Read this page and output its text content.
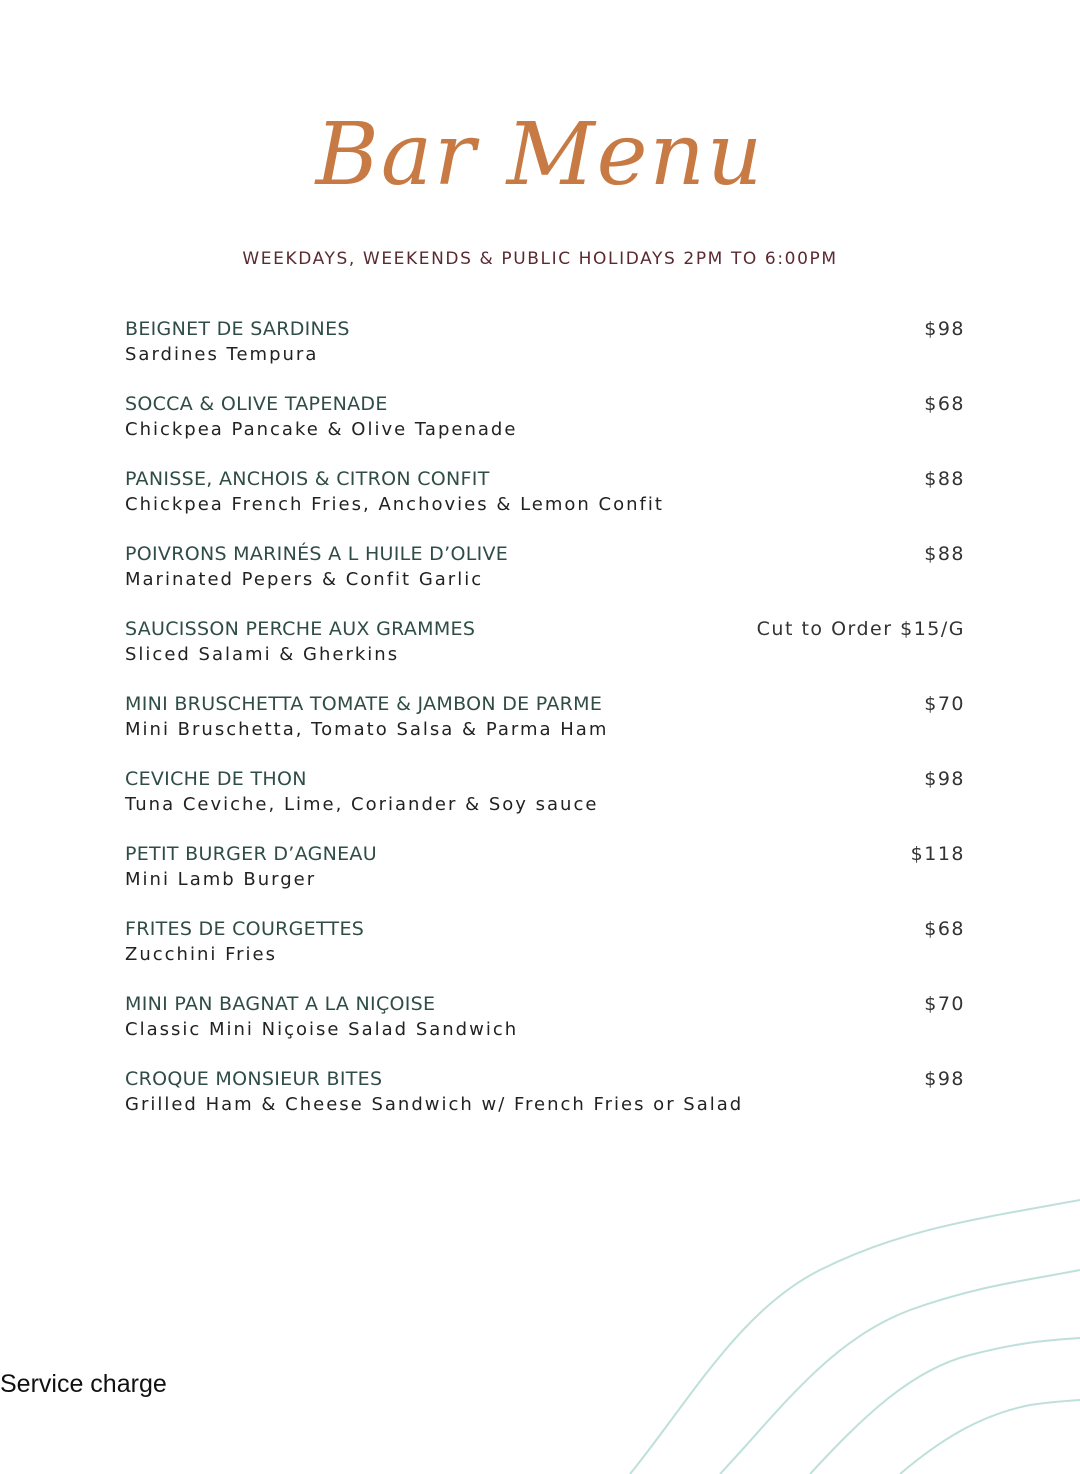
Bar Menu
WEEKDAYS, WEEKENDS & PUBLIC HOLIDAYS 2PM TO 6:00PM
BEIGNET DE SARDINES
Sardines Tempura
$98
SOCCA & OLIVE TAPENADE
Chickpea Pancake & Olive Tapenade
$68
PANISSE, ANCHOIS & CITRON CONFIT
Chickpea French Fries, Anchovies & Lemon Confit
$88
POIVRONS MARINÉS A L HUILE D’OLIVE
Marinated Pepers & Confit Garlic
$88
SAUCISSON PERCHE AUX GRAMMES
Sliced Salami & Gherkins
Cut to Order $15/G
MINI BRUSCHETTA TOMATE & JAMBON DE PARME
Mini Bruschetta, Tomato Salsa & Parma Ham
$70
CEVICHE DE THON
Tuna Ceviche, Lime, Coriander & Soy sauce
$98
PETIT BURGER D’AGNEAU
Mini Lamb Burger
$118
FRITES DE COURGETTES
Zucchini Fries
$68
MINI PAN BAGNAT A LA NIÇOISE
Classic Mini Niçoise Salad Sandwich
$70
CROQUE MONSIEUR BITES
Grilled Ham & Cheese Sandwich w/ French Fries or Salad
$98
Service charge
